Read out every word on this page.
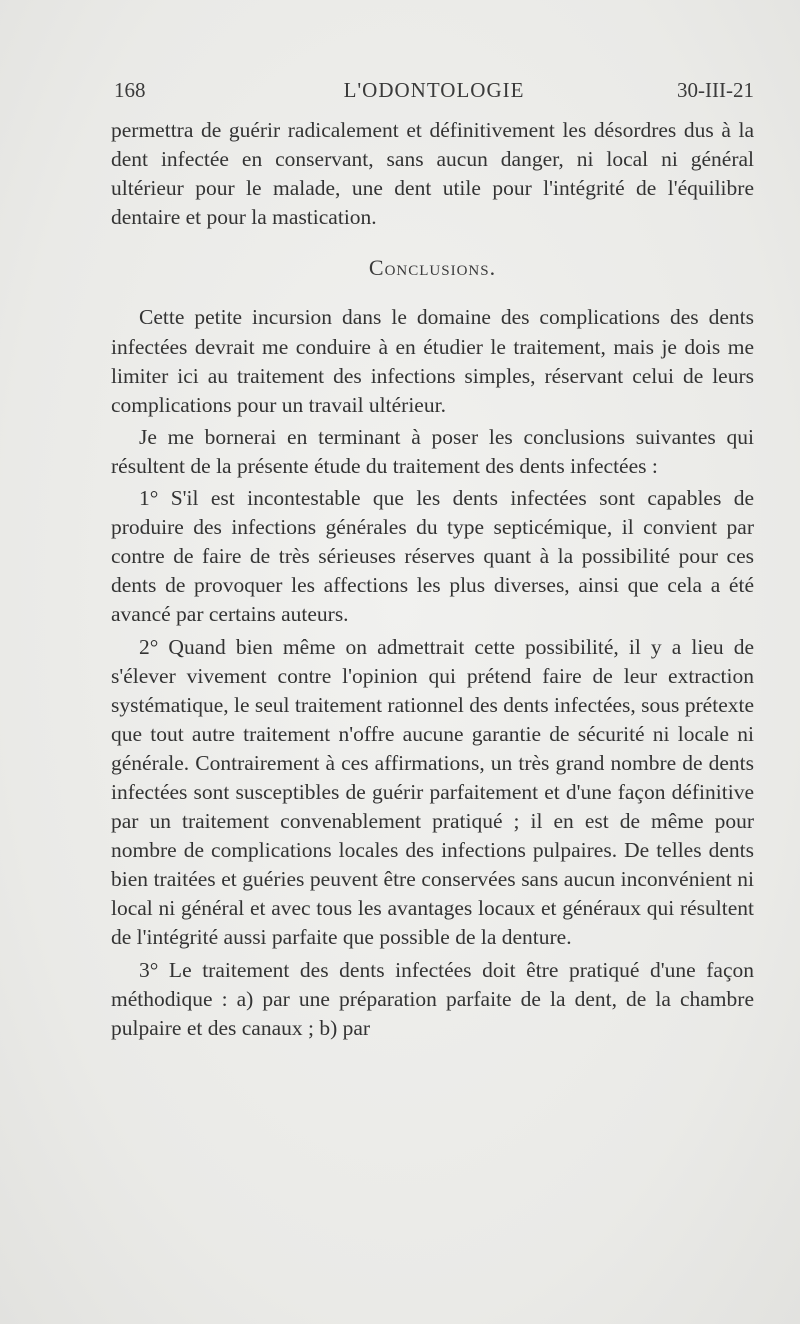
168	L'ODONTOLOGIE	30-III-21

permettra de guérir radicalement et définitivement les désordres dus à la dent infectée en conservant, sans aucun danger, ni local ni général ultérieur pour le malade, une dent utile pour l'intégrité de l'équilibre dentaire et pour la mastication.

Conclusions.

Cette petite incursion dans le domaine des complications des dents infectées devrait me conduire à en étudier le traitement, mais je dois me limiter ici au traitement des infections simples, réservant celui de leurs complications pour un travail ultérieur.

Je me bornerai en terminant à poser les conclusions suivantes qui résultent de la présente étude du traitement des dents infectées :

1° S'il est incontestable que les dents infectées sont capables de produire des infections générales du type septicémique, il convient par contre de faire de très sérieuses réserves quant à la possibilité pour ces dents de provoquer les affections les plus diverses, ainsi que cela a été avancé par certains auteurs.

2° Quand bien même on admettrait cette possibilité, il y a lieu de s'élever vivement contre l'opinion qui prétend faire de leur extraction systématique, le seul traitement rationnel des dents infectées, sous prétexte que tout autre traitement n'offre aucune garantie de sécurité ni locale ni générale. Contrairement à ces affirmations, un très grand nombre de dents infectées sont susceptibles de guérir parfaitement et d'une façon définitive par un traitement convenablement pratiqué ; il en est de même pour nombre de complications locales des infections pulpaires. De telles dents bien traitées et guéries peuvent être conservées sans aucun inconvénient ni local ni général et avec tous les avantages locaux et généraux qui résultent de l'intégrité aussi parfaite que possible de la denture.

3° Le traitement des dents infectées doit être pratiqué d'une façon méthodique : a) par une préparation parfaite de la dent, de la chambre pulpaire et des canaux ; b) par
